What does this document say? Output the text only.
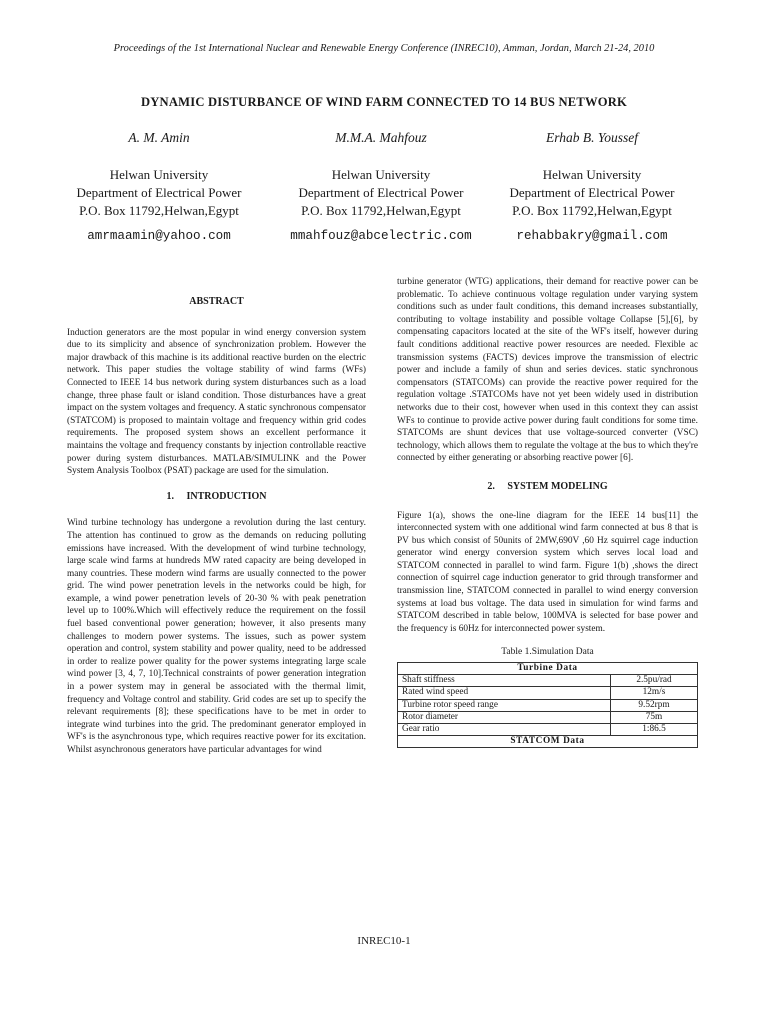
Proceedings of the 1st International Nuclear and Renewable Energy Conference (INREC10), Amman, Jordan, March 21-24, 2010
DYNAMIC DISTURBANCE OF WIND FARM CONNECTED TO 14 BUS NETWORK
A. M. Amin
Helwan University
Department of Electrical Power
P.O. Box 11792,Helwan,Egypt
amrmaamin@yahoo.com
M.M.A. Mahfouz
Helwan University
Department of Electrical Power
P.O. Box 11792,Helwan,Egypt
mmahfouz@abcelectric.com
Erhab B. Youssef
Helwan University
Department of Electrical Power
P.O. Box 11792,Helwan,Egypt
rehabbakry@gmail.com
ABSTRACT

Induction generators are the most popular in wind energy conversion system due to its simplicity and absence of synchronization problem. However the major drawback of this machine is its additional reactive burden on the electric network. This paper studies the voltage stability of wind farms (WFs) Connected to IEEE 14 bus network during system disturbances such as a load change, three phase fault or island condition. Those disturbances have a great impact on the system voltages and frequency. A static synchronous compensator (STATCOM) is proposed to maintain voltage and frequency within grid codes requirements. The proposed system shows an excellent performance it maintains the voltage and frequency constants by injection controllable reactive power during system disturbances. MATLAB/SIMULINK and the Power System Analysis Toolbox (PSAT) package are used for the simulation.

1.     INTRODUCTION

Wind turbine technology has undergone a revolution during the last century. The attention has continued to grow as the demands on reducing polluting emissions have increased. With the development of wind turbine technology, large scale wind farms at hundreds MW rated capacity are being developed in many countries. These modern wind farms are usually connected to the power grid. The wind power penetration levels in the networks could be high, for example, a wind power penetration levels of 20-30 % with peak penetration level up to 100%.Which will effectively reduce the requirement on the fossil fuel based conventional power generation; however, it also presents many challenges to modern power systems. The issues, such as power system operation and control, system stability and power quality, need to be addressed in order to realize power quality for the power systems integrating large scale wind power [3, 4, 7, 10].Technical constraints of power generation integration in a power system may in general be associated with the thermal limit, frequency and Voltage control and stability. Grid codes are set up to specify the relevant requirements [8]; these specifications have to be met in order to integrate wind turbines into the grid. The predominant generator employed in WF's is the asynchronous type, which requires reactive power for its excitation. Whilst asynchronous generators have particular advantages for wind

turbine generator (WTG) applications, their demand for reactive power can be problematic. To achieve continuous voltage regulation under varying system conditions such as under fault conditions, this demand increases substantially, contributing to voltage instability and possible voltage Collapse [5],[6], by compensating capacitors located at the site of the WF's itself, however during fault conditions additional reactive power resources are needed. Flexible ac transmission systems (FACTS) devices improve the transmission of electric power and include a family of shun and series devices. static synchronous compensators (STATCOMs) can provide the reactive power required for the regulation voltage .STATCOMs have not yet been widely used in distribution networks due to their cost, however when used in this context they can assist WFs to continue to provide active power during fault conditions for some time. STATCOMs are shunt devices that use voltage-sourced converter (VSC) technology, which allows them to regulate the voltage at the bus to which they're connected by either generating or absorbing reactive power [6].

2.     SYSTEM MODELING

Figure 1(a), shows the one-line diagram for the IEEE 14 bus[11] the interconnected system with one additional wind farm connected at bus 8 that is PV bus which consist of 50units of 2MW,690V ,60 Hz squirrel cage induction generator wind energy conversion system which serves local load and STATCOM connected in parallel to wind farm. Figure 1(b) ,shows the direct connection of squirrel cage induction generator to grid through transformer and transmission line, STATCOM connected in parallel to wind energy conversion systems at load bus voltage. The data used in simulation for wind farms and STATCOM described in table below, 100MVA is selected for base power and the frequency is 60Hz for interconnected power system.

Table 1.Simulation Data
Turbine Data	
Shaft stiffness	2.5pu/rad
Rated wind speed	12m/s
Turbine rotor speed range	9.52rpm
Rotor diameter	75m
Gear ratio	1:86.5
STATCOM Data	
INREC10-1
